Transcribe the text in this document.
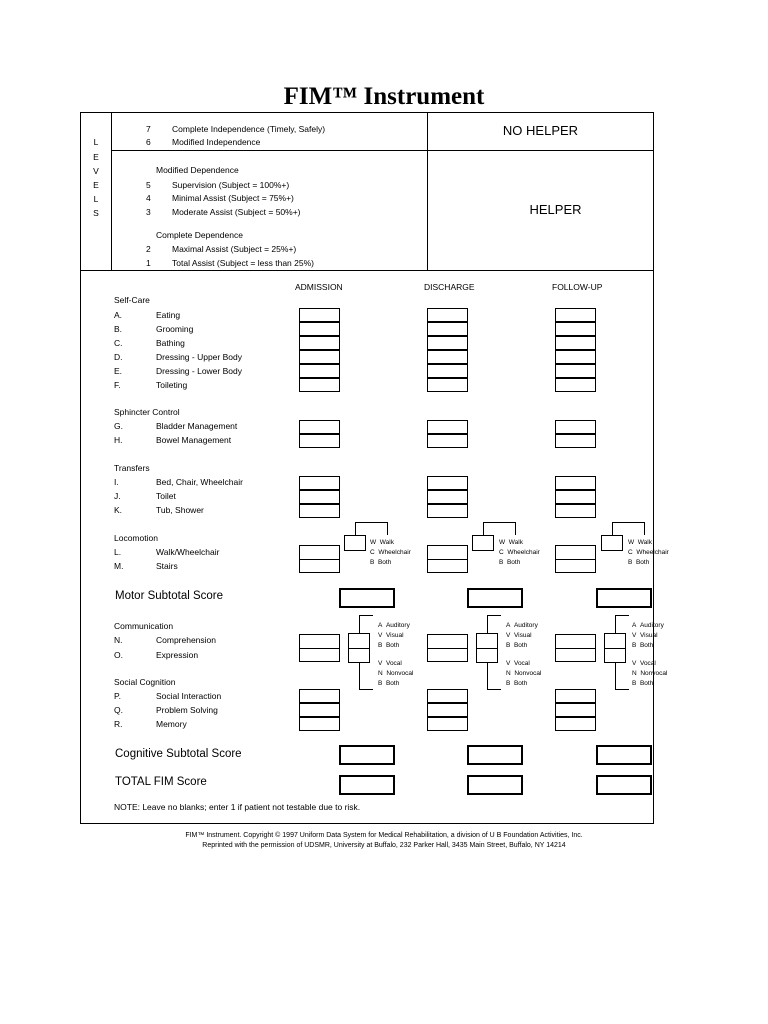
FIM™ Instrument
L
E
V
E
L
S
7	Complete Independence (Timely, Safely)
6	Modified Independence
NO HELPER
Modified Dependence
5	Supervision (Subject = 100%+)
4	Minimal Assist (Subject = 75%+)
3	Moderate Assist (Subject = 50%+)	HELPER
Complete Dependence
2	Maximal Assist (Subject = 25%+)
1	Total Assist (Subject = less than 25%)
ADMISSION	DISCHARGE	FOLLOW-UP
Self-Care
A.	Eating
B.	Grooming
C.	Bathing
D.	Dressing - Upper Body
E.	Dressing - Lower Body
F.	Toileting
Sphincter Control
G.	Bladder Management
H.	Bowel Management
Transfers
I.	Bed, Chair, Wheelchair
J.	Toilet
K.	Tub, Shower
Locomotion
L.	Walk/Wheelchair
M.	Stairs
W Walk
C Wheelchair
B Both
W Walk
C Wheelchair
B Both
W Walk
C Wheelchair
B Both
Motor Subtotal Score
Communication
N.	Comprehension
O.	Expression
A Auditory
V Visual
B Both
V Vocal
N Nonvocal
B Both
A Auditory
V Visual
B Both
V Vocal
N Nonvocal
B Both
A Auditory
V Visual
B Both
V Vocal
N Nonvocal
B Both
Social Cognition
P.	Social Interaction
Q.	Problem Solving
R.	Memory
Cognitive Subtotal Score
TOTAL FIM Score
NOTE: Leave no blanks; enter 1 if patient not testable due to risk.
FIM™ Instrument. Copyright © 1997 Uniform Data System for Medical Rehabilitation, a division of U B Foundation Activities, Inc.
Reprinted with the permission of UDSMR, University at Buffalo, 232 Parker Hall, 3435 Main Street, Buffalo, NY 14214
